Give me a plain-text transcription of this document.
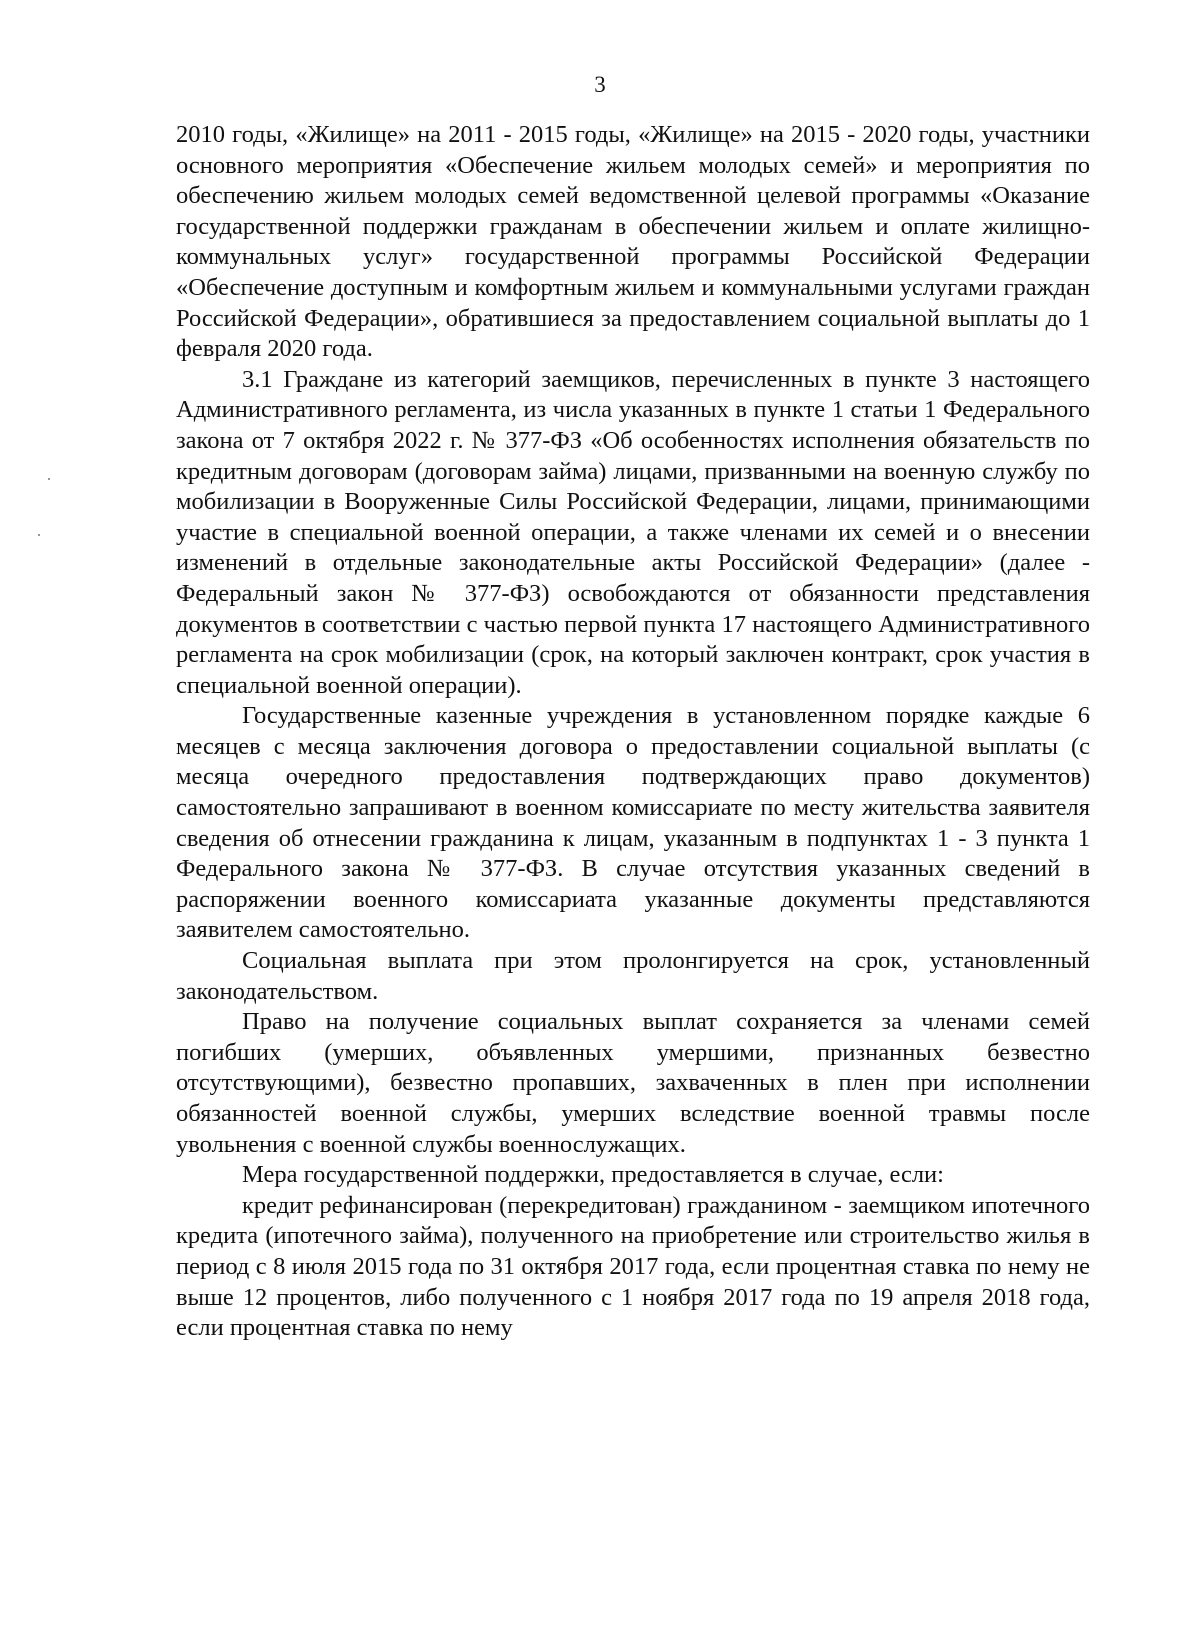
3

2010 годы, «Жилище» на 2011 - 2015 годы, «Жилище» на 2015 - 2020 годы, участники основного мероприятия «Обеспечение жильем молодых семей» и мероприятия по обеспечению жильем молодых семей ведомственной целевой программы «Оказание государственной поддержки гражданам в обеспечении жильем и оплате жилищно-коммунальных услуг» государственной программы Российской Федерации «Обеспечение доступным и комфортным жильем и коммунальными услугами граждан Российской Федерации», обратившиеся за предоставлением социальной выплаты до 1 февраля 2020 года.

3.1 Граждане из категорий заемщиков, перечисленных в пункте 3 настоящего Административного регламента, из числа указанных в пункте 1 статьи 1 Федерального закона от 7 октября 2022 г. № 377-ФЗ «Об особенностях исполнения обязательств по кредитным договорам (договорам займа) лицами, призванными на военную службу по мобилизации в Вооруженные Силы Российской Федерации, лицами, принимающими участие в специальной военной операции, а также членами их семей и о внесении изменений в отдельные законодательные акты Российской Федерации» (далее - Федеральный закон № 377-ФЗ) освобождаются от обязанности представления документов в соответствии с частью первой пункта 17 настоящего Административного регламента на срок мобилизации (срок, на который заключен контракт, срок участия в специальной военной операции).

Государственные казенные учреждения в установленном порядке каждые 6 месяцев с месяца заключения договора о предоставлении социальной выплаты (с месяца очередного предоставления подтверждающих право документов) самостоятельно запрашивают в военном комиссариате по месту жительства заявителя сведения об отнесении гражданина к лицам, указанным в подпунктах 1 - 3 пункта 1 Федерального закона № 377-ФЗ. В случае отсутствия указанных сведений в распоряжении военного комиссариата указанные документы представляются заявителем самостоятельно.

Социальная выплата при этом пролонгируется на срок, установленный законодательством.

Право на получение социальных выплат сохраняется за членами семей погибших (умерших, объявленных умершими, признанных безвестно отсутствующими), безвестно пропавших, захваченных в плен при исполнении обязанностей военной службы, умерших вследствие военной травмы после увольнения с военной службы военнослужащих.

Мера государственной поддержки, предоставляется в случае, если:

кредит рефинансирован (перекредитован) гражданином - заемщиком ипотечного кредита (ипотечного займа), полученного на приобретение или строительство жилья в период с 8 июля 2015 года по 31 октября 2017 года, если процентная ставка по нему не выше 12 процентов, либо полученного с 1 ноября 2017 года по 19 апреля 2018 года, если процентная ставка по нему
